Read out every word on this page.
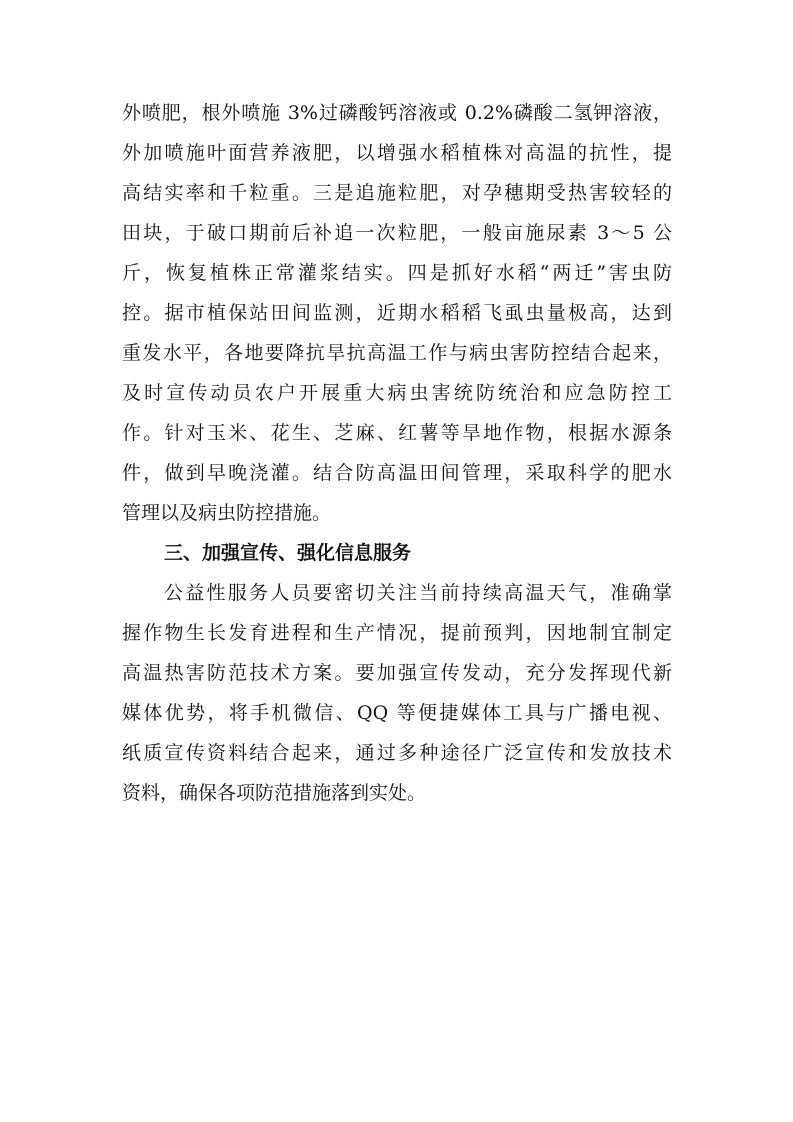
外喷肥，根外喷施 3%过磷酸钙溶液或 0.2%磷酸二氢钾溶液，
外加喷施叶面营养液肥，以增强水稻植株对高温的抗性，提
高结实率和千粒重。三是追施粒肥，对孕穗期受热害较轻的
田块，于破口期前后补追一次粒肥，一般亩施尿素 3～5 公
斤，恢复植株正常灌浆结实。四是抓好水稻“两迁”害虫防
控。据市植保站田间监测，近期水稻稻飞虱虫量极高，达到
重发水平，各地要降抗旱抗高温工作与病虫害防控结合起来，
及时宣传动员农户开展重大病虫害统防统治和应急防控工
作。针对玉米、花生、芝麻、红薯等旱地作物，根据水源条
件，做到早晚浇灌。结合防高温田间管理，采取科学的肥水
管理以及病虫防控措施。
三、加强宣传、强化信息服务
公益性服务人员要密切关注当前持续高温天气，准确掌
握作物生长发育进程和生产情况，提前预判，因地制宜制定
高温热害防范技术方案。要加强宣传发动，充分发挥现代新
媒体优势，将手机微信、QQ 等便捷媒体工具与广播电视、
纸质宣传资料结合起来，通过多种途径广泛宣传和发放技术
资料，确保各项防范措施落到实处。
